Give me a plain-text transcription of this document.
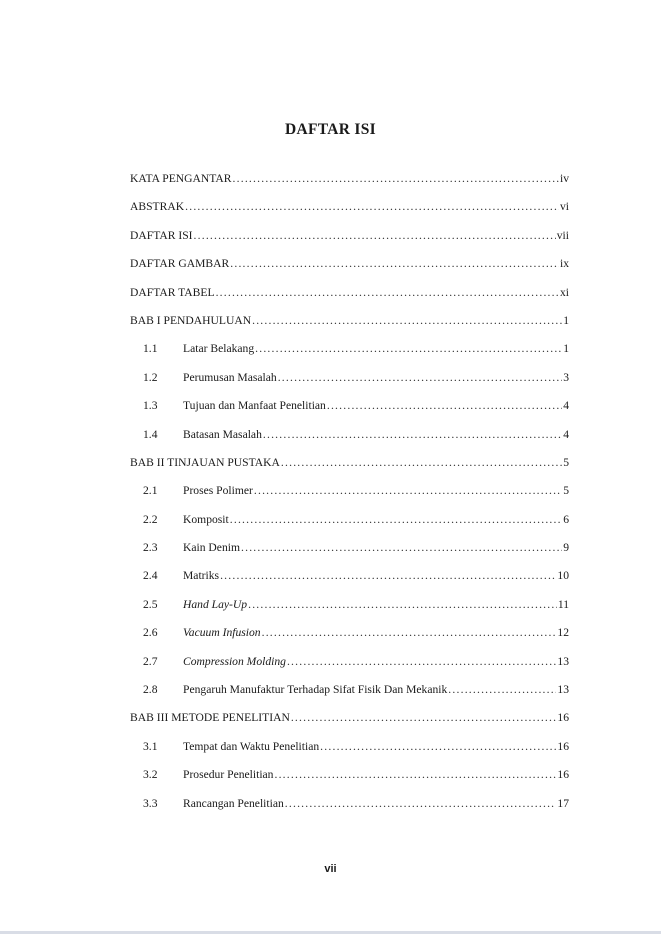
DAFTAR ISI
KATA PENGANTAR .....	iv
ABSTRAK .....	vi
DAFTAR ISI .....	vii
DAFTAR GAMBAR .....	ix
DAFTAR TABEL .....	xi
BAB I PENDAHULUAN .....	1
1.1	Latar Belakang .....	1
1.2	Perumusan Masalah .....	3
1.3	Tujuan dan Manfaat Penelitian .....	4
1.4	Batasan Masalah .....	4
BAB II TINJAUAN PUSTAKA .....	5
2.1	Proses Polimer .....	5
2.2	Komposit .....	6
2.3	Kain Denim .....	9
2.4	Matriks .....	10
2.5	Hand Lay-Up .....	11
2.6	Vacuum Infusion .....	12
2.7	Compression Molding .....	13
2.8	Pengaruh Manufaktur Terhadap Sifat Fisik Dan Mekanik .....	13
BAB III METODE PENELITIAN .....	16
3.1	Tempat dan Waktu Penelitian .....	16
3.2	Prosedur Penelitian .....	16
3.3	Rancangan Penelitian .....	17
vii
